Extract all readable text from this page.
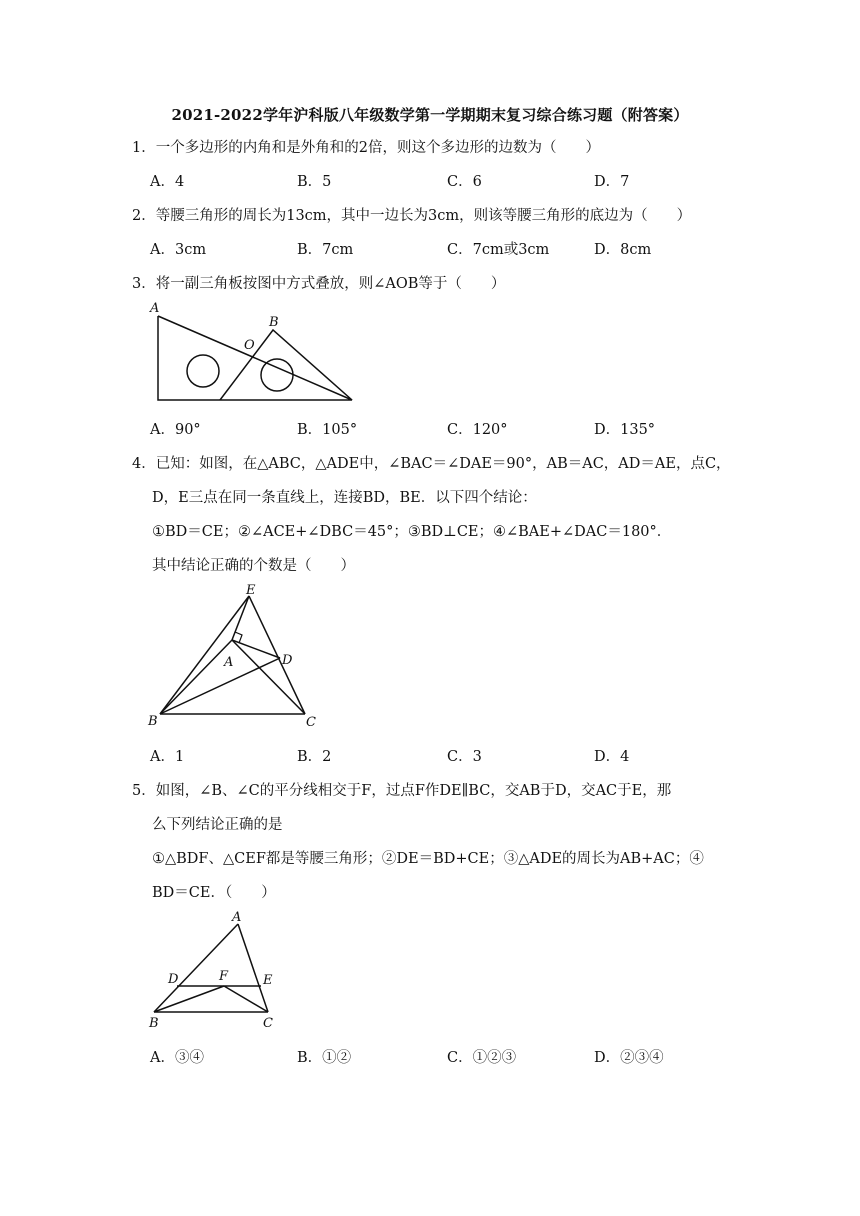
2021-2022学年沪科版八年级数学第一学期期末复习综合练习题（附答案）
1．一个多边形的内角和是外角和的2倍，则这个多边形的边数为（　　）
A．4	B．5	C．6	D．7
2．等腰三角形的周长为13cm，其中一边长为3cm，则该等腰三角形的底边为（　　）
A．3cm	B．7cm	C．7cm或3cm	D．8cm
3．将一副三角板按图中方式叠放，则∠AOB等于（　　）
A
B
O
A．90°	B．105°	C．120°	D．135°
4．已知：如图，在△ABC，△ADE中，∠BAC＝∠DAE＝90°，AB＝AC，AD＝AE，点C，
D，E三点在同一条直线上，连接BD，BE．以下四个结论：
①BD＝CE；②∠ACE+∠DBC＝45°；③BD⊥CE；④∠BAE+∠DAC＝180°．
其中结论正确的个数是（　　）
E
A	D
B	C
A．1	B．2	C．3	D．4
5．如图，∠B、∠C的平分线相交于F，过点F作DE∥BC，交AB于D，交AC于E，那
么下列结论正确的是
①△BDF、△CEF都是等腰三角形；②DE＝BD+CE；③△ADE的周长为AB+AC；④
BD＝CE．（　　）
A
D	F	E
B	C
A．③④	B．①②	C．①②③	D．②③④
